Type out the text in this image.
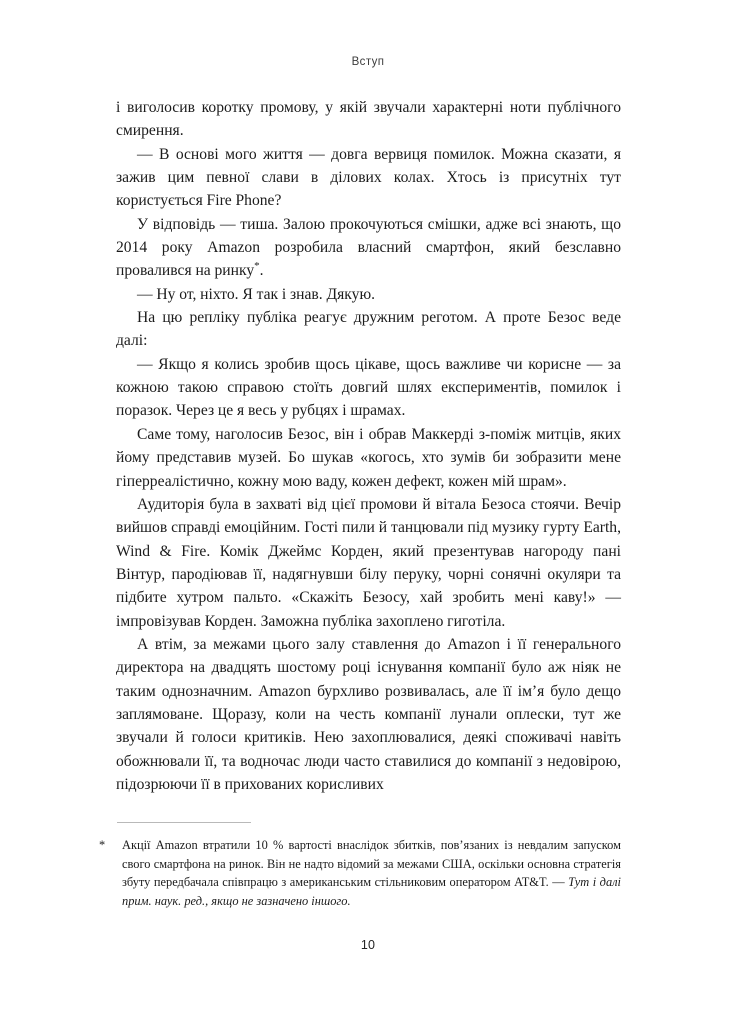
Вступ

і виголосив коротку промову, у якій звучали характерні ноти публічного смирення.

— В основі мого життя — довга вервиця помилок. Можна сказати, я зажив цим певної слави в ділових колах. Хтось із присутніх тут користується Fire Phone?

У відповідь — тиша. Залою прокочуються смішки, адже всі знають, що 2014 року Amazon розробила власний смартфон, який безславно провалився на ринку*.

— Ну от, ніхто. Я так і знав. Дякую.

На цю репліку публіка реагує дружним реготом. А проте Безос веде далі:

— Якщо я колись зробив щось цікаве, щось важливе чи корисне — за кожною такою справою стоїть довгий шлях експериментів, помилок і поразок. Через це я весь у рубцях і шрамах.

Саме тому, наголосив Безос, він і обрав Маккерді з-поміж митців, яких йому представив музей. Бо шукав «когось, хто зумів би зобразити мене гіперреалістично, кожну мою ваду, кожен дефект, кожен мій шрам».

Аудиторія була в захваті від цієї промови й вітала Безоса стоячи. Вечір вийшов справді емоційним. Гості пили й танцювали під музику гурту Earth, Wind & Fire. Комік Джеймс Корден, який презентував нагороду пані Вінтур, пародіював її, надягнувши білу перуку, чорні сонячні окуляри та підбите хутром пальто. «Скажіть Безосу, хай зробить мені каву!» — імпровізував Корден. Заможна публіка захоплено гиготіла.

А втім, за межами цього залу ставлення до Amazon і її генерального директора на двадцять шостому році існування компанії було аж ніяк не таким однозначним. Amazon бурхливо розвивалась, але її ім’я було дещо заплямоване. Щоразу, коли на честь компанії лунали оплески, тут же звучали й голоси критиків. Нею захоплювалися, деякі споживачі навіть обожнювали її, та водночас люди часто ставилися до компанії з недовірою, підозрюючи її в прихованих корисливих

*	Акції Amazon втратили 10 % вартості внаслідок збитків, пов’язаних із невдалим запуском свого смартфона на ринок. Він не надто відомий за межами США, оскільки основна стратегія збуту передбачала співпрацю з американським стільниковим оператором AT&T. — Тут і далі прим. наук. ред., якщо не зазначено іншого.
10
